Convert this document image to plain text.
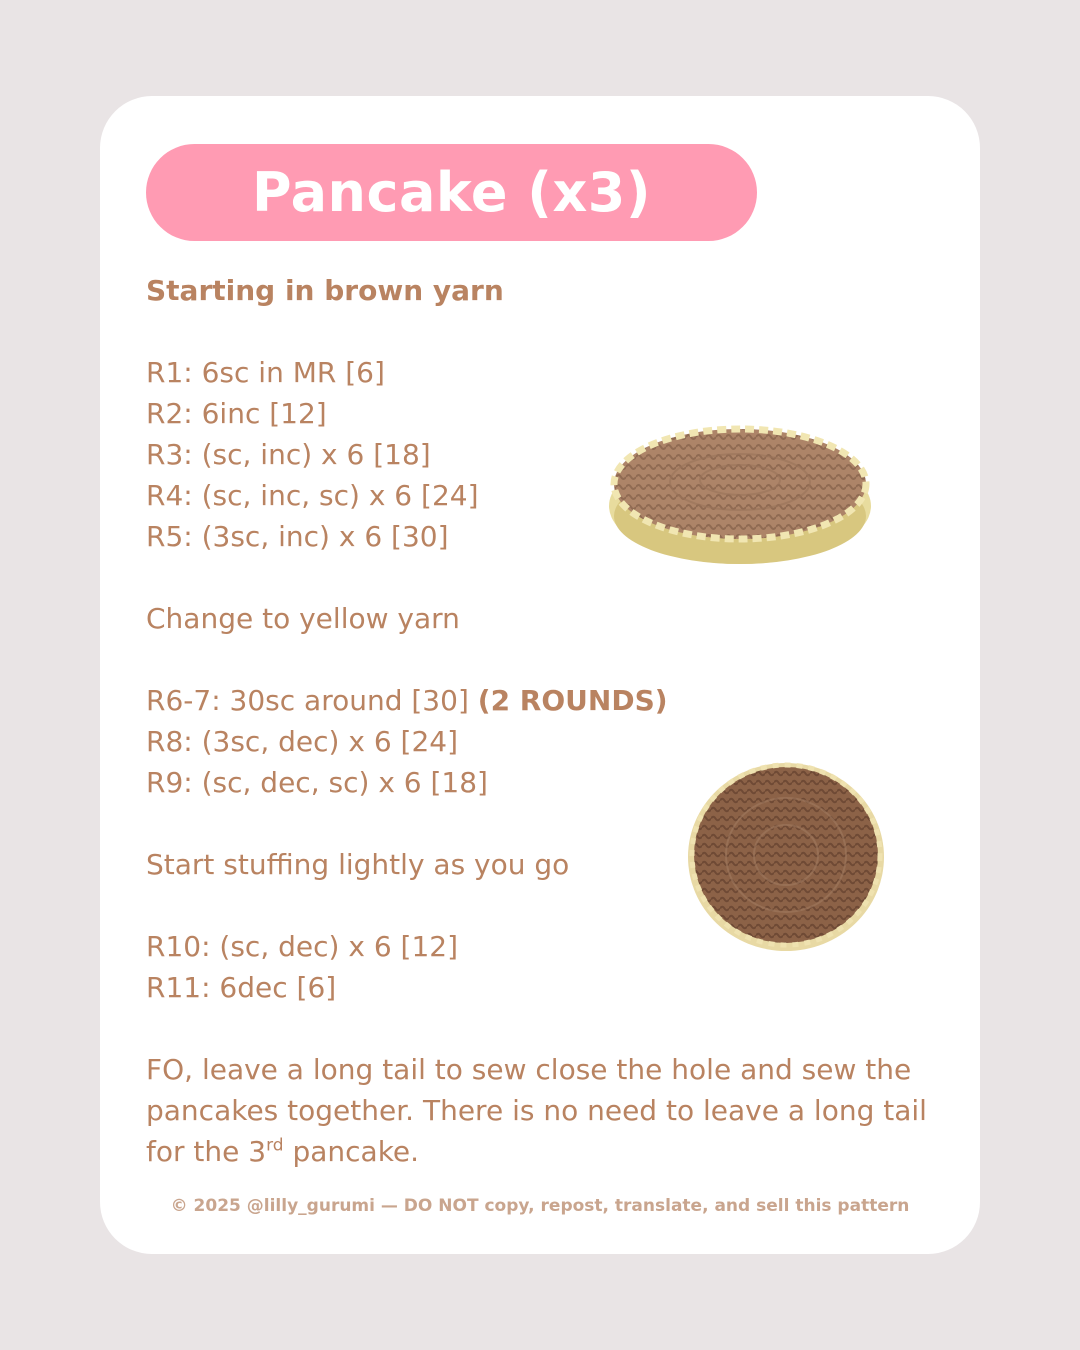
Pancake (x3)

Starting in brown yarn

R1: 6sc in MR [6]

R2: 6inc [12]

R3: (sc, inc) x 6 [18]

R4: (sc, inc, sc) x 6 [24]

R5: (3sc, inc) x 6 [30]

Change to yellow yarn

R6-7: 30sc around [30] (2 ROUNDS)

R8: (3sc, dec) x 6 [24]

R9: (sc, dec, sc) x 6 [18]

Start stuffing lightly as you go

R10: (sc, dec) x 6 [12]

R11: 6dec [6]

FO, leave a long tail to sew close the hole and sew the pancakes together. There is no need to leave a long tail for the 3rd pancake.

© 2025 @lilly_gurumi — DO NOT copy, repost, translate, and sell this pattern
